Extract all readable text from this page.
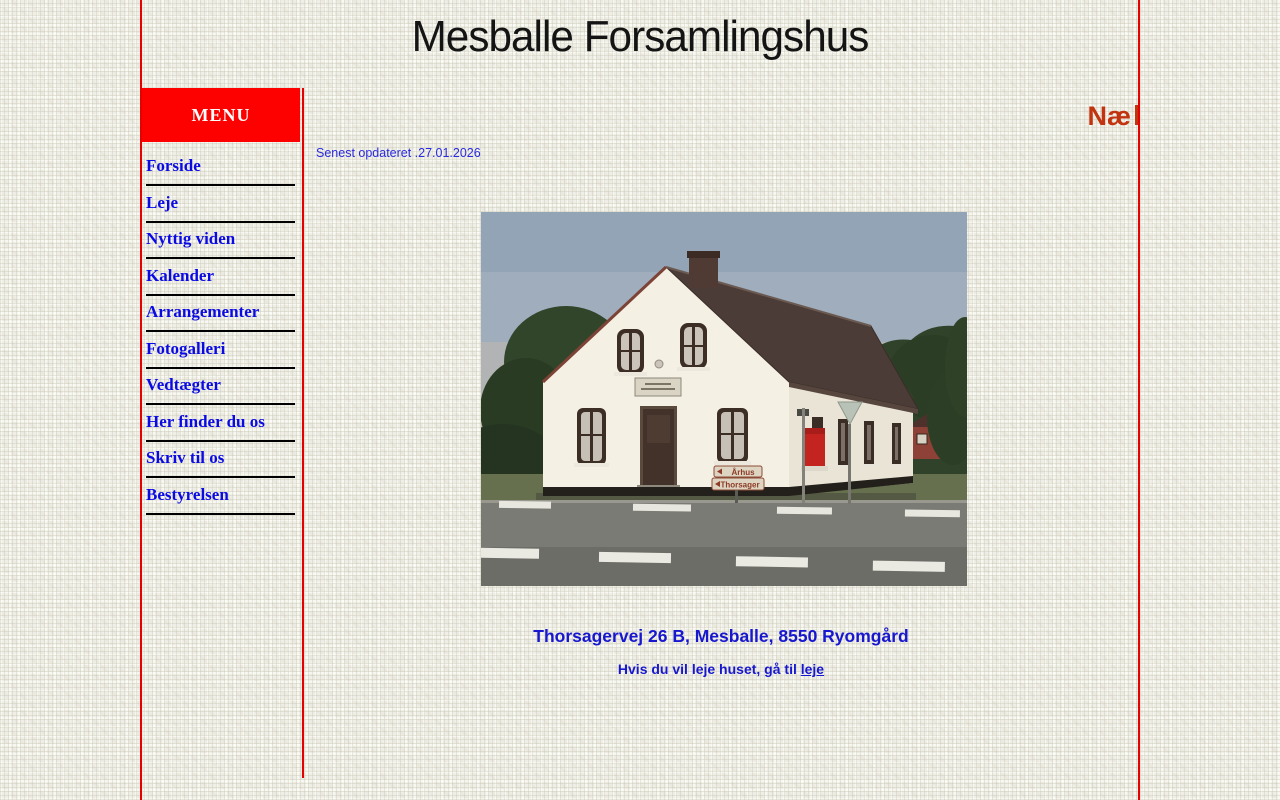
Mesballe Forsamlingshus
MENU
Forside
Leje
Nyttig viden
Kalender
Arrangementer
Fotogalleri
Vedtægter
Her finder du os
Skriv til os
Bestyrelsen
Næ
Senest opdateret .27.01.2026
Århus
Thorsager
Thorsagervej 26 B, Mesballe, 8550 Ryomgård
Hvis du vil leje huset, gå til leje
